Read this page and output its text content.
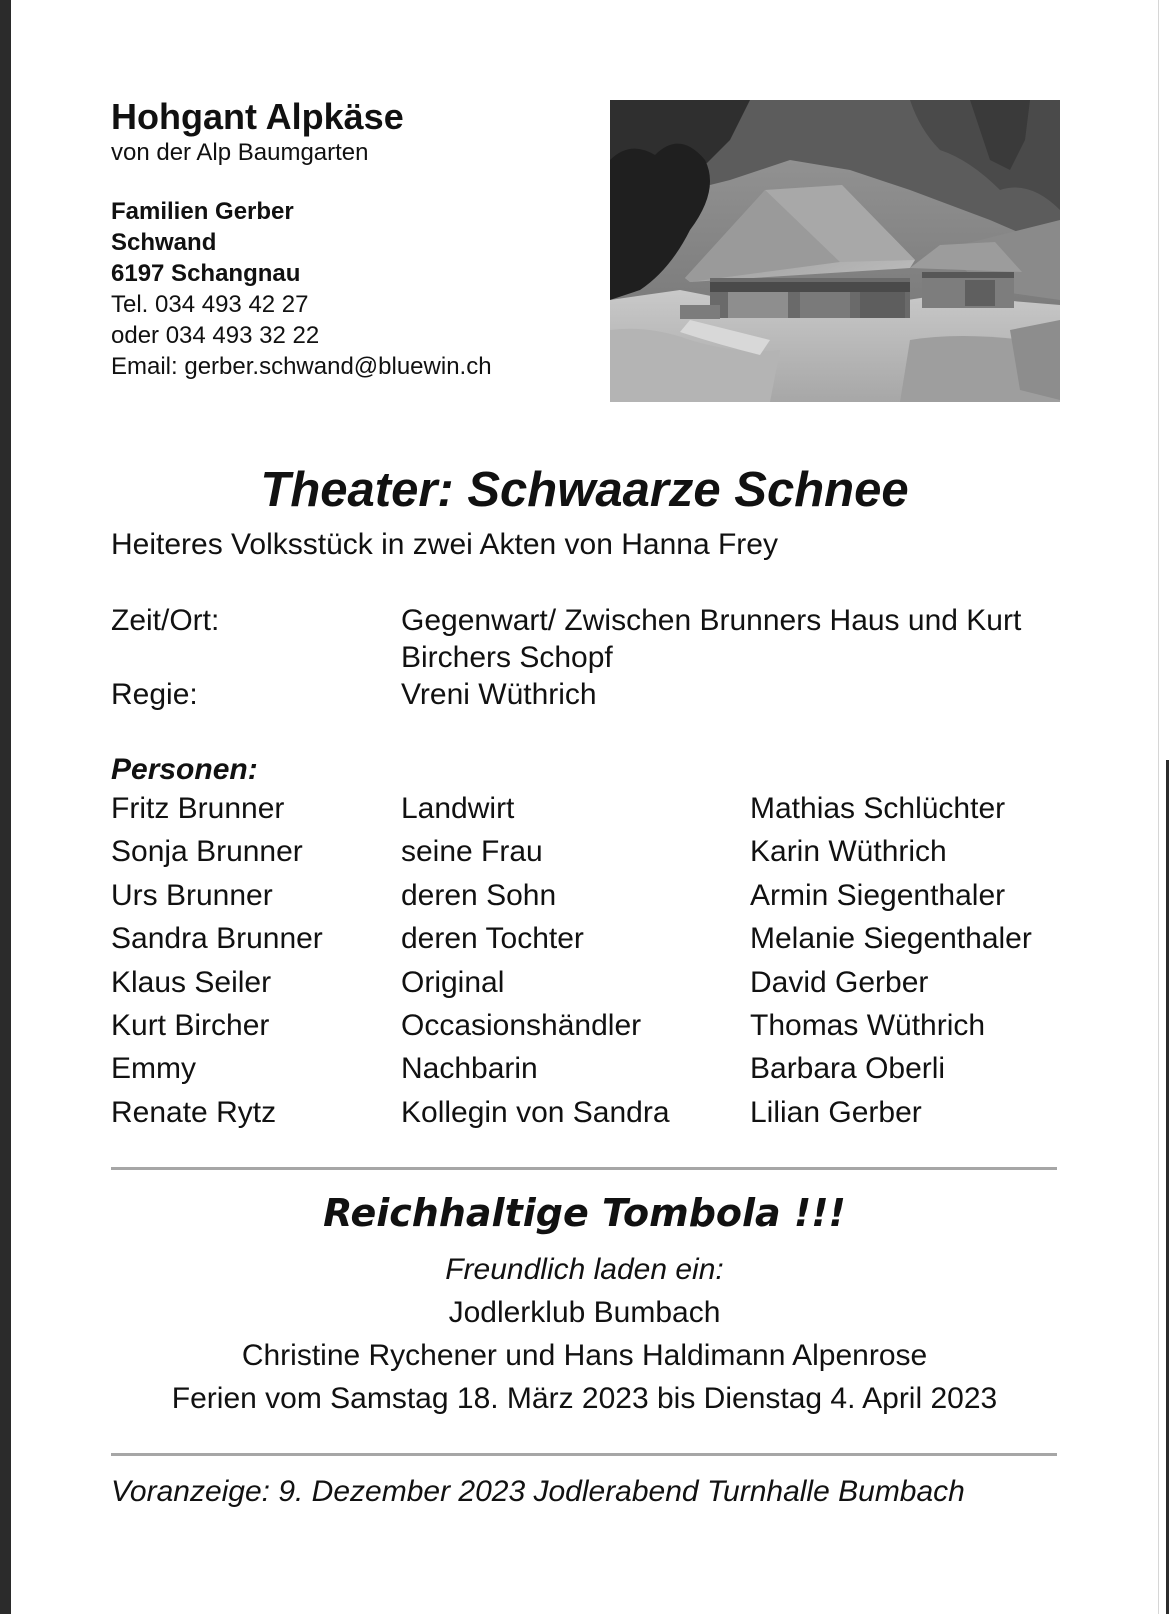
Hohgant Alpkäse

von der Alp Baumgarten

Familien Gerber

Schwand

6197 Schangnau

Tel. 034 493 42 27

oder 034 493 32 22

Email: gerber.schwand@bluewin.ch

Theater: Schwaarze Schnee

Heiteres Volksstück in zwei Akten von Hanna Frey

Zeit/Ort:	Gegenwart/ Zwischen Brunners Haus und Kurt Birchers Schopf
Regie:	Vreni Wüthrich

Personen:

Fritz Brunner	Landwirt	Mathias Schlüchter
Sonja Brunner	seine Frau	Karin Wüthrich
Urs Brunner	deren Sohn	Armin Siegenthaler
Sandra Brunner	deren Tochter	Melanie Siegenthaler
Klaus Seiler	Original	David Gerber
Kurt Bircher	Occasionshändler	Thomas Wüthrich
Emmy	Nachbarin	Barbara Oberli
Renate Rytz	Kollegin von Sandra	Lilian Gerber

Reichhaltige Tombola !!!

Freundlich laden ein:

Jodlerklub Bumbach

Christine Rychener und Hans Haldimann Alpenrose

Ferien vom Samstag 18. März 2023 bis Dienstag 4. April 2023

Voranzeige: 9. Dezember 2023 Jodlerabend Turnhalle Bumbach
